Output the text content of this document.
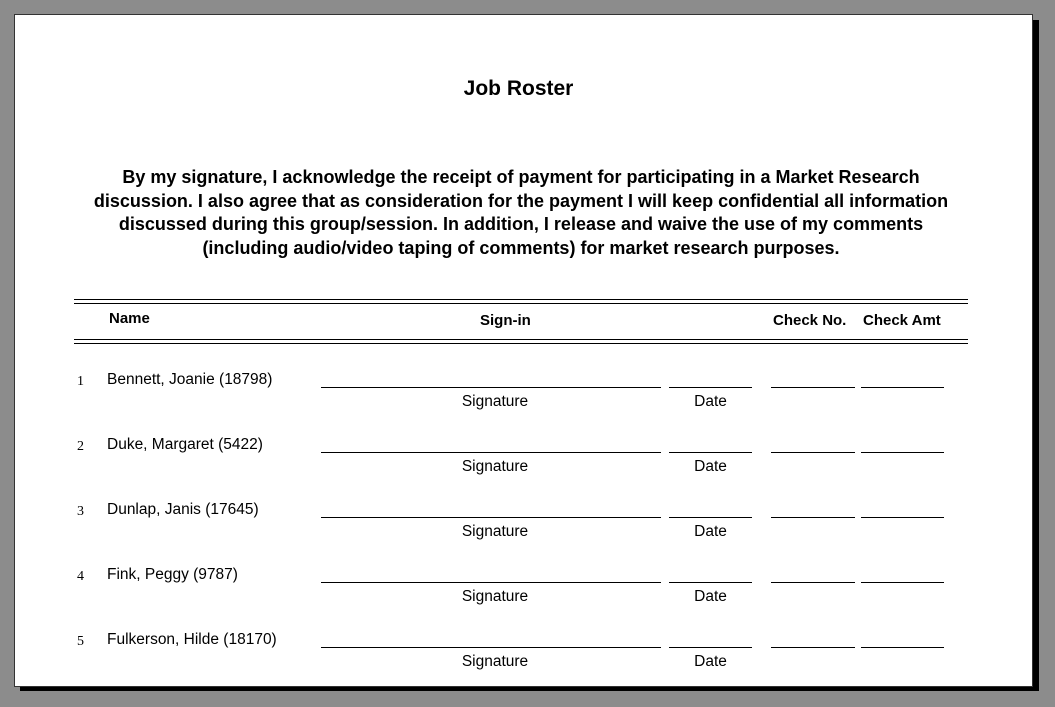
Job Roster
By my signature, I acknowledge the receipt of payment for participating in a Market Research discussion. I also agree that as consideration for the payment I will keep confidential all information discussed during this group/session. In addition, I release and waive the use of my comments (including audio/video taping of comments) for market research purposes.
Name	Sign-in	Check No. Check Amt
1 Bennett, Joanie (18798)
Signature	Date
2 Duke, Margaret (5422)
Signature	Date
3 Dunlap, Janis (17645)
Signature	Date
4 Fink, Peggy (9787)
Signature	Date
5 Fulkerson, Hilde (18170)
Signature	Date
